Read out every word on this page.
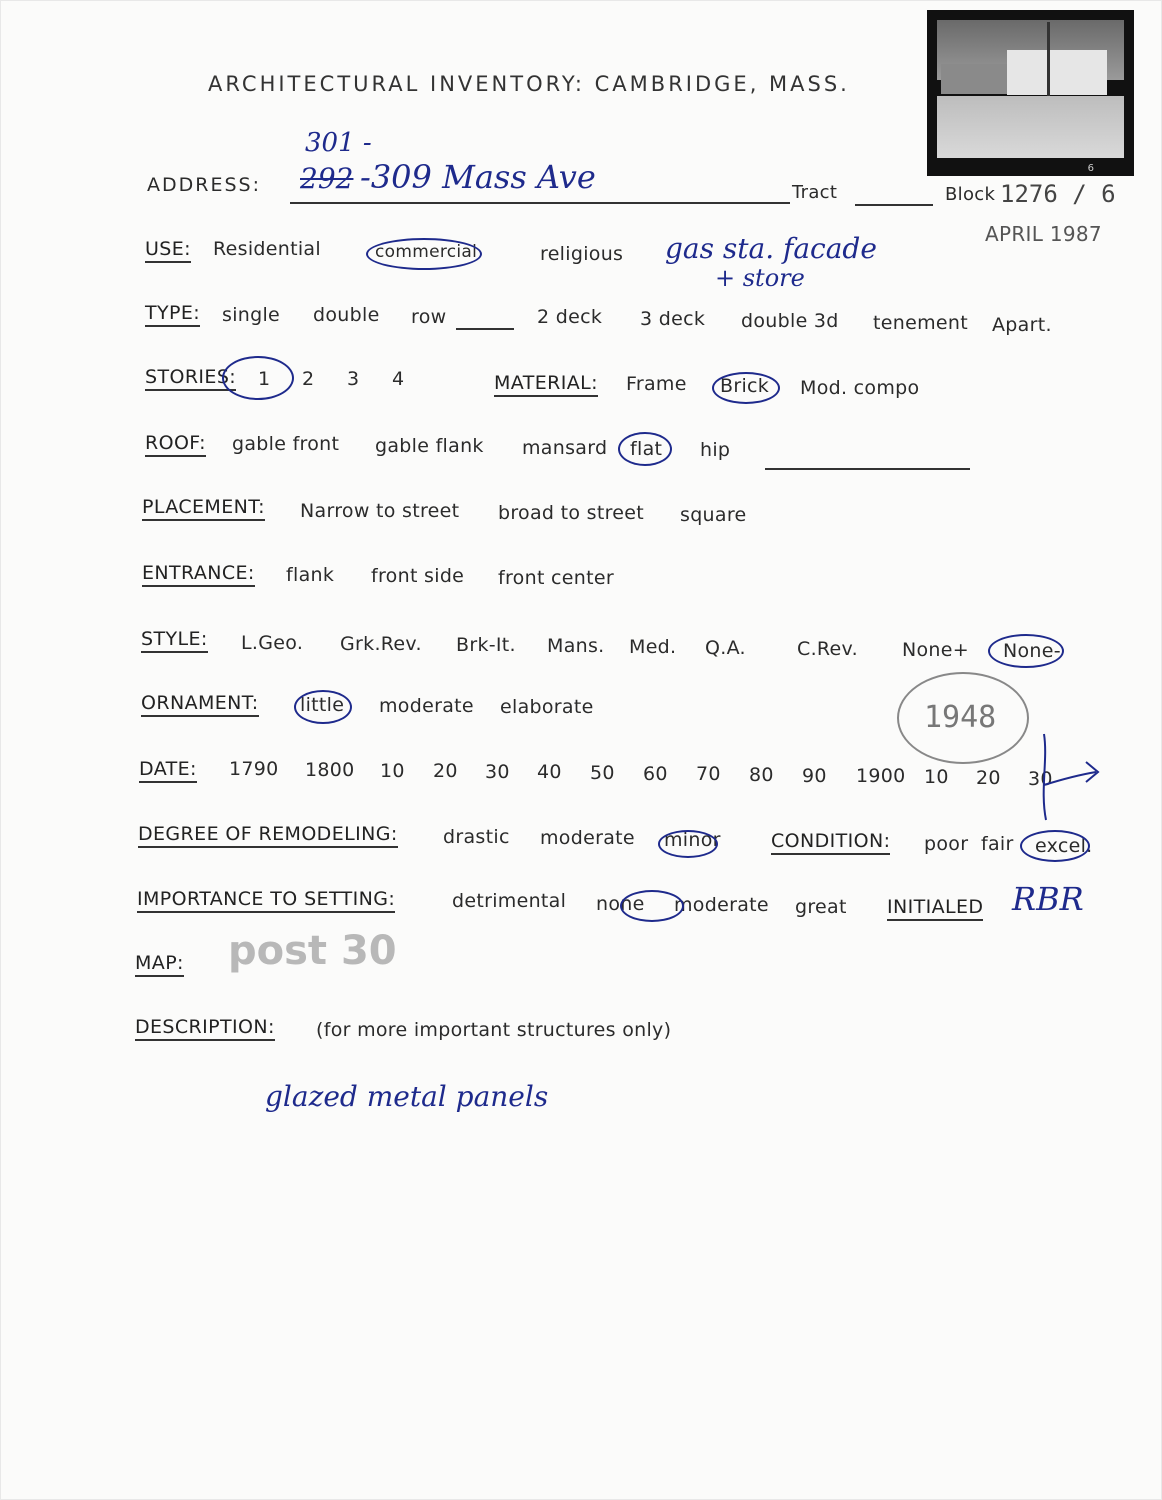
ARCHITECTURAL INVENTORY: CAMBRIDGE, MASS.
6
301 -
ADDRESS: 292 -309 Mass Ave	Tract	Block 1276 / 6
APRIL 1987
USE: Residential	commercial	religious gas sta. facade
+ store
TYPE: single double row	2 deck 3 deck double 3d tenement Apart.
STORIES: 1 2 3 4	MATERIAL: Frame Brick Mod. compo
ROOF: gable front gable flank mansard flat hip
PLACEMENT: Narrow to street broad to street square
ENTRANCE: flank front side front center
STYLE: L.Geo. Grk.Rev. Brk-It. Mans. Med. Q.A.	C.Rev. None+ None-
ORNAMENT: little moderate elaborate	1948
DATE: 1790 1800 10 20 30 40 50 60 70 80 90 1900 10 20 30
DEGREE OF REMODELING: drastic moderate minor	CONDITION: poor fair excel.
IMPORTANCE TO SETTING:	detrimental none moderate great INITIALED RBR
MAP: post 30
DESCRIPTION: (for more important structures only)
glazed metal panels
